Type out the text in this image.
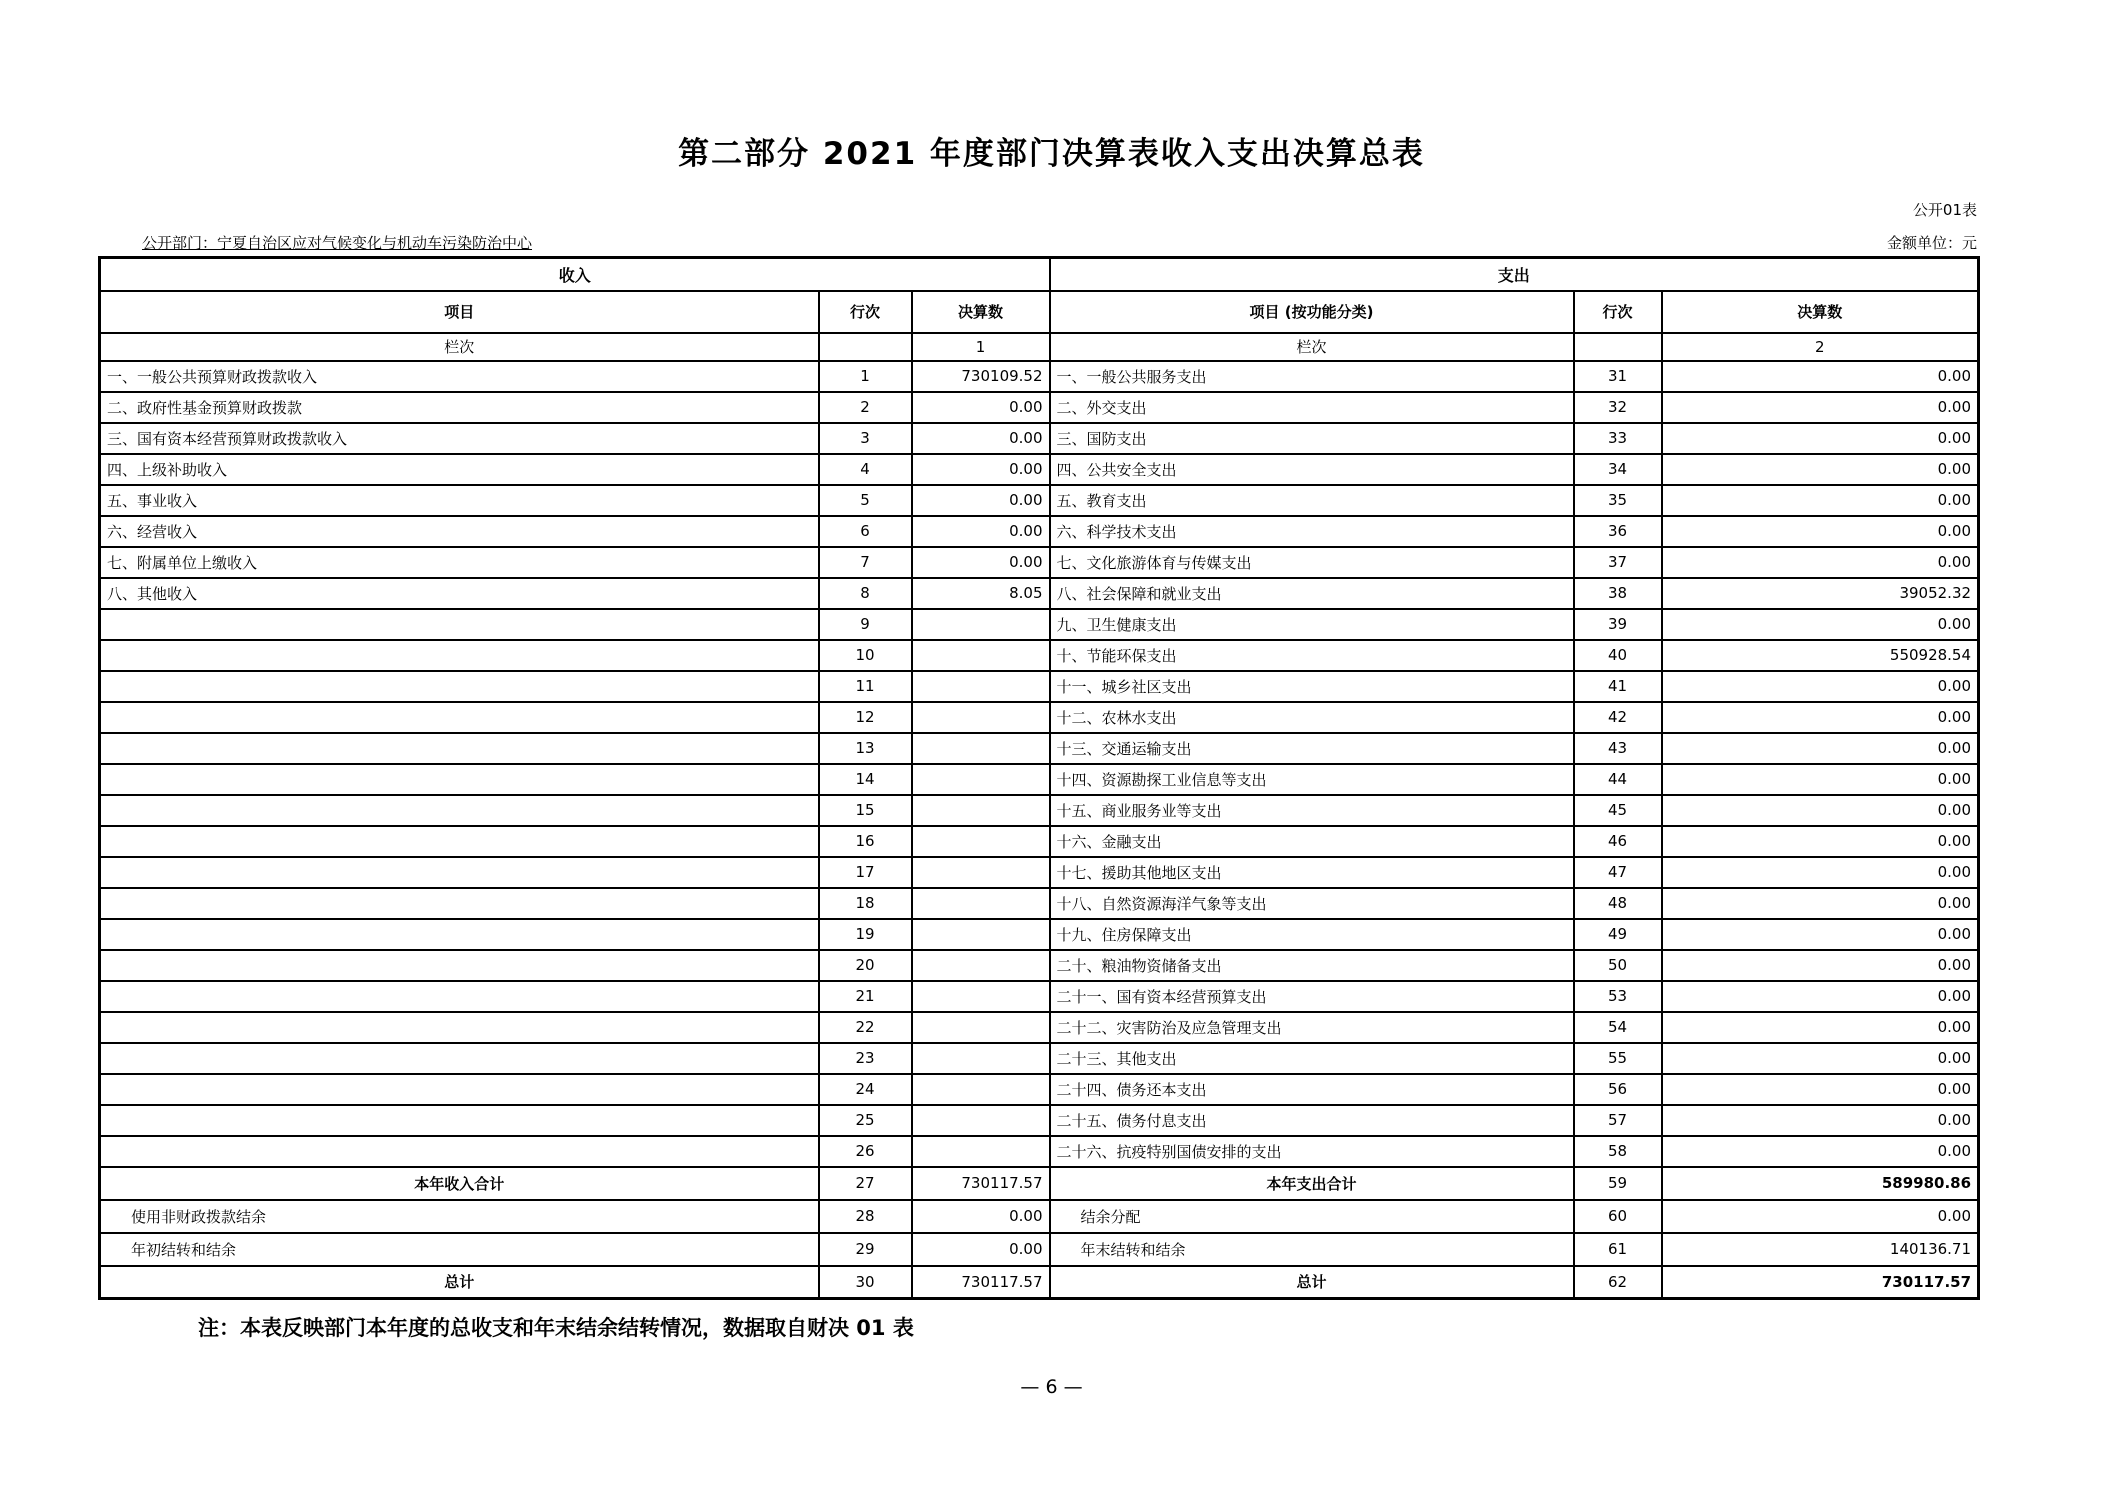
第二部分 2021 年度部门决算表收入支出决算总表
公开01表
公开部门：宁夏自治区应对气候变化与机动车污染防治中心	金额单位：元
收入			支出		
项目	行次	决算数	项目 (按功能分类)	行次	决算数
栏次		1	栏次		2
一、一般公共预算财政拨款收入	1	730109.52	一、一般公共服务支出	31	0.00
二、政府性基金预算财政拨款	2	0.00	二、外交支出	32	0.00
三、国有资本经营预算财政拨款收入	3	0.00	三、国防支出	33	0.00
四、上级补助收入	4	0.00	四、公共安全支出	34	0.00
五、事业收入	5	0.00	五、教育支出	35	0.00
六、经营收入	6	0.00	六、科学技术支出	36	0.00
七、附属单位上缴收入	7	0.00	七、文化旅游体育与传媒支出	37	0.00
八、其他收入	8	8.05	八、社会保障和就业支出	38	39052.32
	9		九、卫生健康支出	39	0.00
	10		十、节能环保支出	40	550928.54
	11		十一、城乡社区支出	41	0.00
	12		十二、农林水支出	42	0.00
	13		十三、交通运输支出	43	0.00
	14		十四、资源勘探工业信息等支出	44	0.00
	15		十五、商业服务业等支出	45	0.00
	16		十六、金融支出	46	0.00
	17		十七、援助其他地区支出	47	0.00
	18		十八、自然资源海洋气象等支出	48	0.00
	19		十九、住房保障支出	49	0.00
	20		二十、粮油物资储备支出	50	0.00
	21		二十一、国有资本经营预算支出	53	0.00
	22		二十二、灾害防治及应急管理支出	54	0.00
	23		二十三、其他支出	55	0.00
	24		二十四、债务还本支出	56	0.00
	25		二十五、债务付息支出	57	0.00
	26		二十六、抗疫特别国债安排的支出	58	0.00
本年收入合计	27	730117.57	本年支出合计	59	589980.86
使用非财政拨款结余	28	0.00	结余分配	60	0.00
年初结转和结余	29	0.00	年末结转和结余	61	140136.71
总计	30	730117.57	总计	62	730117.57
注：本表反映部门本年度的总收支和年末结余结转情况，数据取自财决 01 表
— 6 —
